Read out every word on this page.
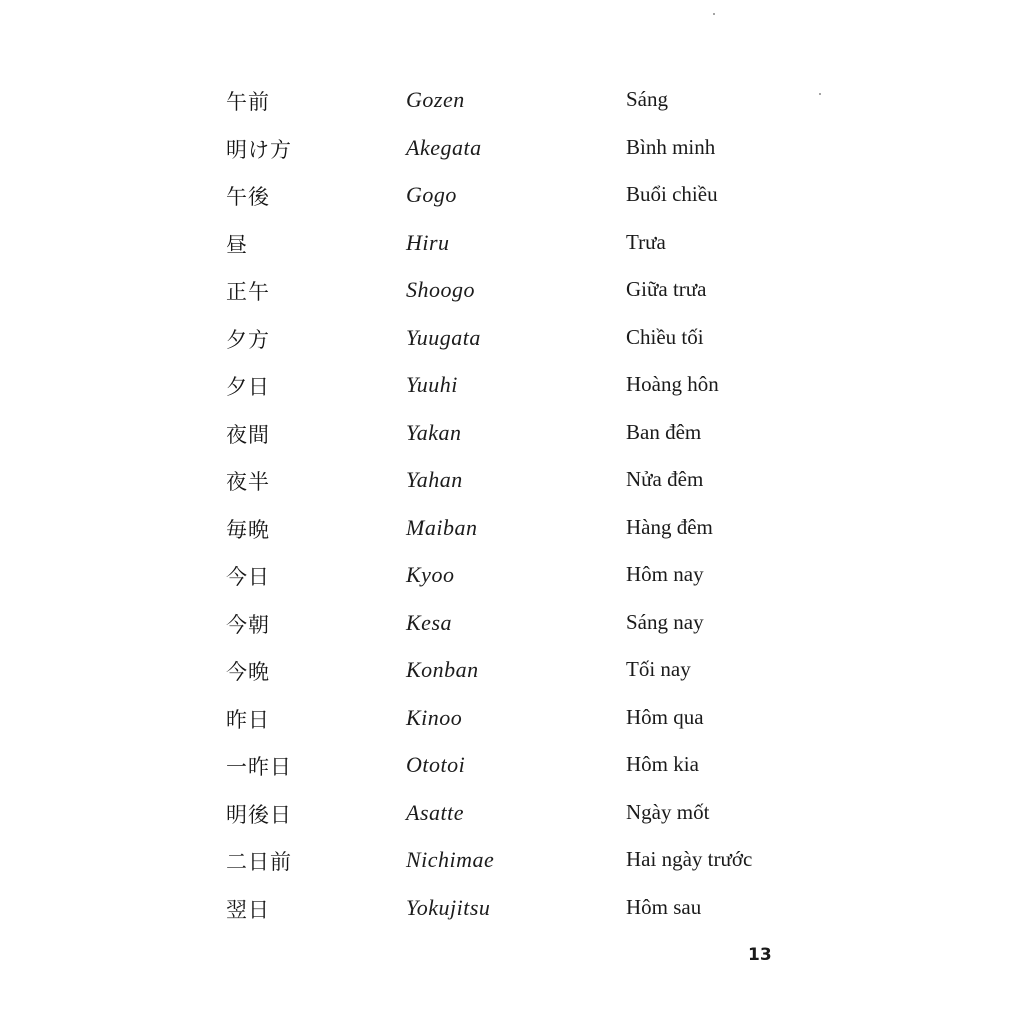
午前	Gozen	Sáng
明け方	Akegata	Bình minh
午後	Gogo	Buổi chiều
昼	Hiru	Trưa
正午	Shoogo	Giữa trưa
夕方	Yuugata	Chiều tối
夕日	Yuuhi	Hoàng hôn
夜間	Yakan	Ban đêm
夜半	Yahan	Nửa đêm
毎晩	Maiban	Hàng đêm
今日	Kyoo	Hôm nay
今朝	Kesa	Sáng nay
今晩	Konban	Tối nay
昨日	Kinoo	Hôm qua
一昨日	Ototoi	Hôm kia
明後日	Asatte	Ngày mốt
二日前	Nichimae	Hai ngày trước
翌日	Yokujitsu	Hôm sau
13
